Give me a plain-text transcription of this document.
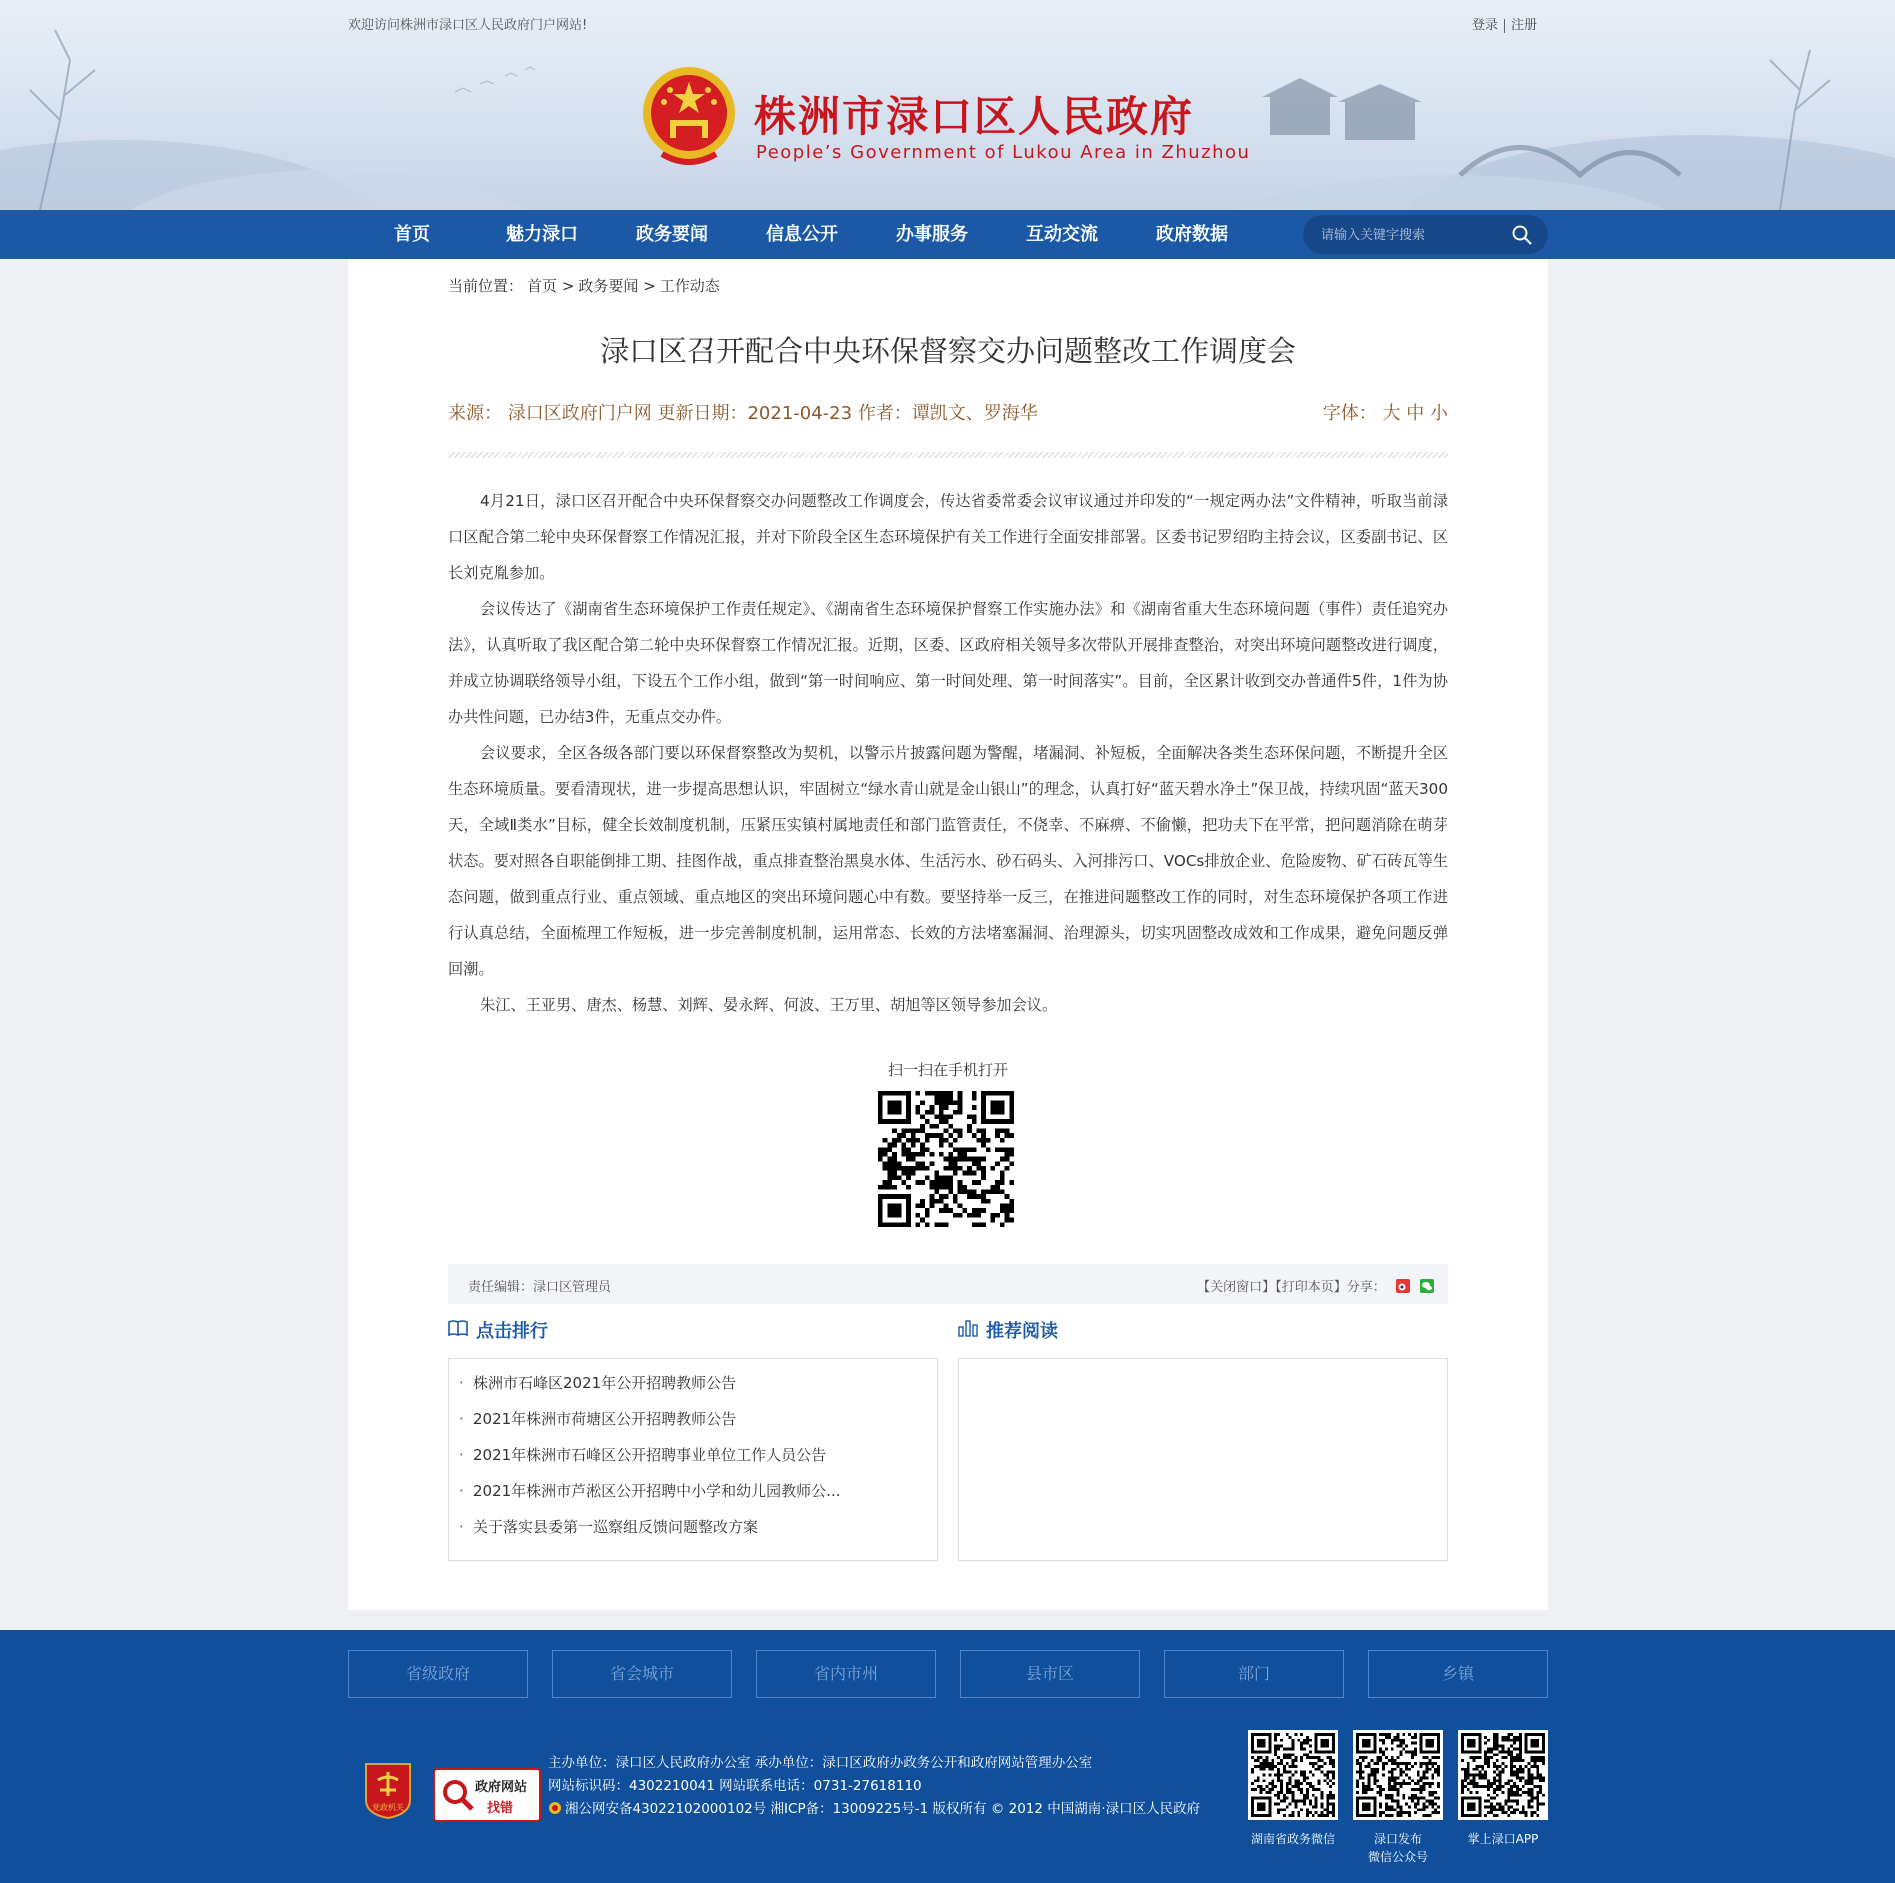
欢迎访问株洲市渌口区人民政府门户网站!	登录 注册
株洲市渌口区人民政府
People’s Government of Lukou Area in Zhuzhou
首页	魅力渌口	政务要闻	信息公开	办事服务	互动交流	政府数据
请输入关键字搜索
当前位置： 首页 > 政务要闻 > 工作动态
渌口区召开配合中央环保督察交办问题整改工作调度会
来源： 渌口区政府门户网 更新日期：2021-04-23 作者：谭凯文、罗海华	字体： 大 中 小

4月21日，渌口区召开配合中央环保督察交办问题整改工作调度会，传达省委常委会议审议通过并印发的“一规定两办法”文件精神，听取当前渌口区配合第二轮中央环保督察工作情况汇报，并对下阶段全区生态环境保护有关工作进行全面安排部署。区委书记罗绍昀主持会议，区委副书记、区长刘克胤参加。

会议传达了《湖南省生态环境保护工作责任规定》、《湖南省生态环境保护督察工作实施办法》和《湖南省重大生态环境问题（事件）责任追究办法》，认真听取了我区配合第二轮中央环保督察工作情况汇报。近期，区委、区政府相关领导多次带队开展排查整治，对突出环境问题整改进行调度，并成立协调联络领导小组，下设五个工作小组，做到“第一时间响应、第一时间处理、第一时间落实”。目前，全区累计收到交办普通件5件，1件为协办共性问题，已办结3件，无重点交办件。

会议要求，全区各级各部门要以环保督察整改为契机，以警示片披露问题为警醒，堵漏洞、补短板，全面解决各类生态环保问题，不断提升全区生态环境质量。要看清现状，进一步提高思想认识，牢固树立“绿水青山就是金山银山”的理念，认真打好“蓝天碧水净土”保卫战，持续巩固“蓝天300天，全域Ⅱ类水”目标，健全长效制度机制，压紧压实镇村属地责任和部门监管责任，不侥幸、不麻痹、不偷懒，把功夫下在平常，把问题消除在萌芽状态。要对照各自职能倒排工期、挂图作战，重点排查整治黑臭水体、生活污水、砂石码头、入河排污口、VOCs排放企业、危险废物、矿石砖瓦等生态问题，做到重点行业、重点领域、重点地区的突出环境问题心中有数。要坚持举一反三，在推进问题整改工作的同时，对生态环境保护各项工作进行认真总结，全面梳理工作短板，进一步完善制度机制，运用常态、长效的方法堵塞漏洞、治理源头，切实巩固整改成效和工作成果，避免问题反弹回潮。

朱江、王亚男、唐杰、杨慧、刘辉、晏永辉、何波、王万里、胡旭等区领导参加会议。

扫一扫在手机打开
责任编辑：渌口区管理员	【关闭窗口】【打印本页】分享：
点击排行
· 株洲市石峰区2021年公开招聘教师公告
· 2021年株洲市荷塘区公开招聘教师公告
· 2021年株洲市石峰区公开招聘事业单位工作人员公告
· 2021年株洲市芦淞区公开招聘中小学和幼儿园教师公...
· 关于落实县委第一巡察组反馈问题整改方案
推荐阅读
省级政府	省会城市	省内市州	县市区	部门	乡镇
党政机关
政府网站
找错
主办单位：渌口区人民政府办公室 承办单位：渌口区政府办政务公开和政府网站管理办公室
网站标识码：4302210041 网站联系电话：0731-27618110
湘公网安备43022102000102号 湘ICP备：13009225号-1 版权所有 © 2012 中国湖南·渌口区人民政府
湖南省政务微信	渌口发布
微信公众号
掌上渌口APP
